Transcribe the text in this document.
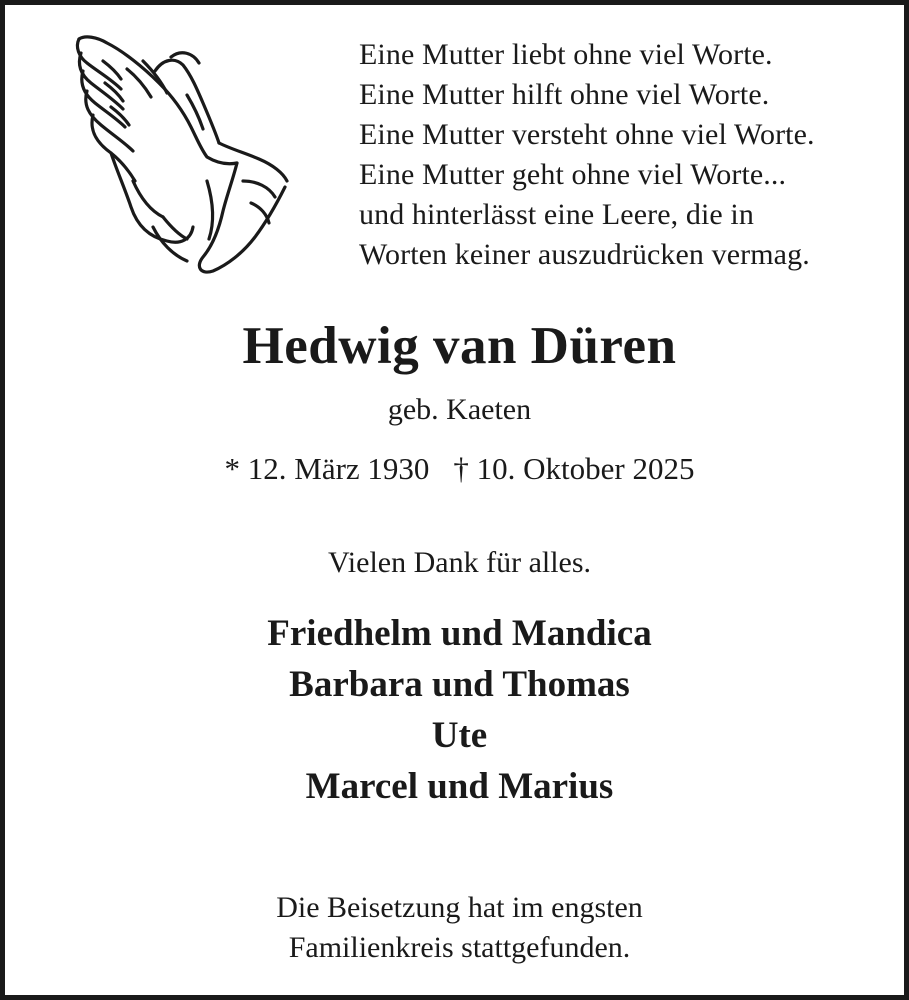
Eine Mutter liebt ohne viel Worte.
Eine Mutter hilft ohne viel Worte.
Eine Mutter versteht ohne viel Worte.
Eine Mutter geht ohne viel Worte...
und hinterlässt eine Leere, die in
Worten keiner auszudrücken vermag.
Hedwig van Düren
geb. Kaeten
* 12. März 1930 † 10. Oktober 2025
Vielen Dank für alles.
Friedhelm und Mandica
Barbara und Thomas
Ute
Marcel und Marius
Die Beisetzung hat im engsten
Familienkreis stattgefunden.
